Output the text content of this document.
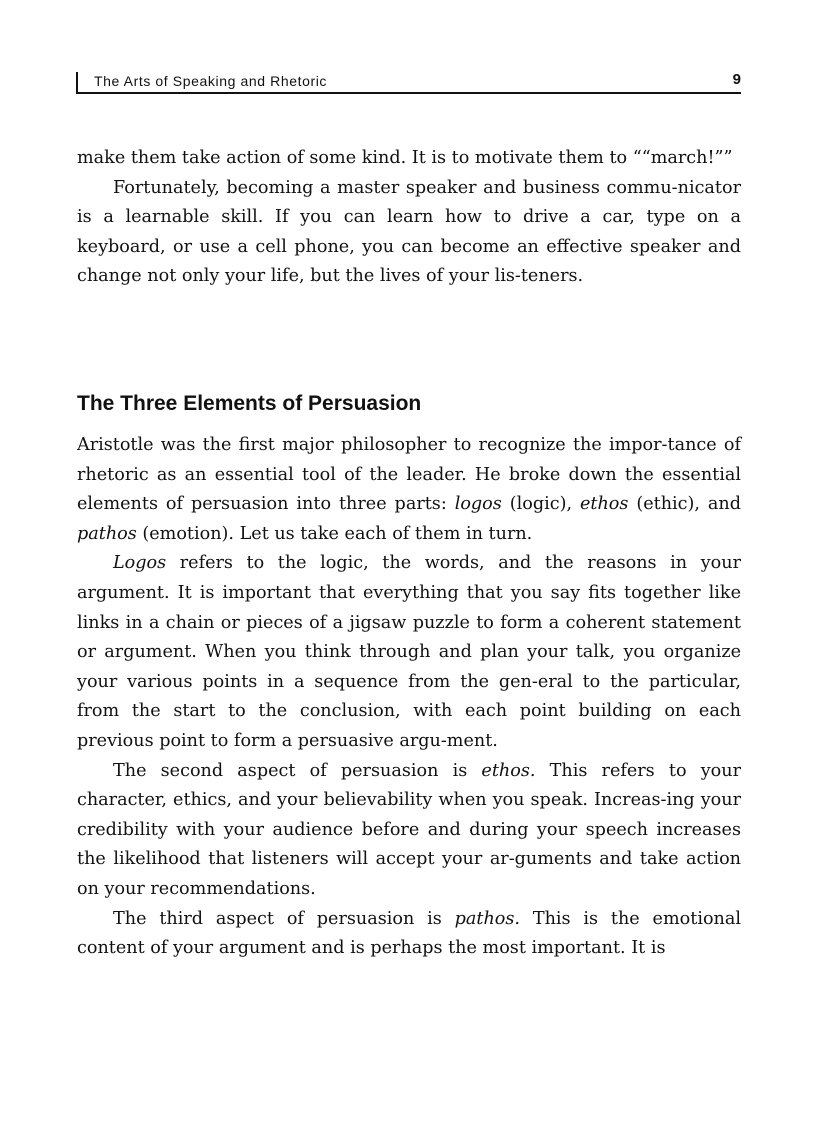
The Arts of Speaking and Rhetoric	9

make them take action of some kind. It is to motivate them to ““march!””

Fortunately, becoming a master speaker and business commu-nicator is a learnable skill. If you can learn how to drive a car, type on a keyboard, or use a cell phone, you can become an effective speaker and change not only your life, but the lives of your lis-teners.

The Three Elements of Persuasion

Aristotle was the first major philosopher to recognize the impor-tance of rhetoric as an essential tool of the leader. He broke down the essential elements of persuasion into three parts: logos (logic), ethos (ethic), and pathos (emotion). Let us take each of them in turn.

Logos refers to the logic, the words, and the reasons in your argument. It is important that everything that you say fits together like links in a chain or pieces of a jigsaw puzzle to form a coherent statement or argument. When you think through and plan your talk, you organize your various points in a sequence from the gen-eral to the particular, from the start to the conclusion, with each point building on each previous point to form a persuasive argu-ment.

The second aspect of persuasion is ethos. This refers to your character, ethics, and your believability when you speak. Increas-ing your credibility with your audience before and during your speech increases the likelihood that listeners will accept your ar-guments and take action on your recommendations.

The third aspect of persuasion is pathos. This is the emotional content of your argument and is perhaps the most important. It is
